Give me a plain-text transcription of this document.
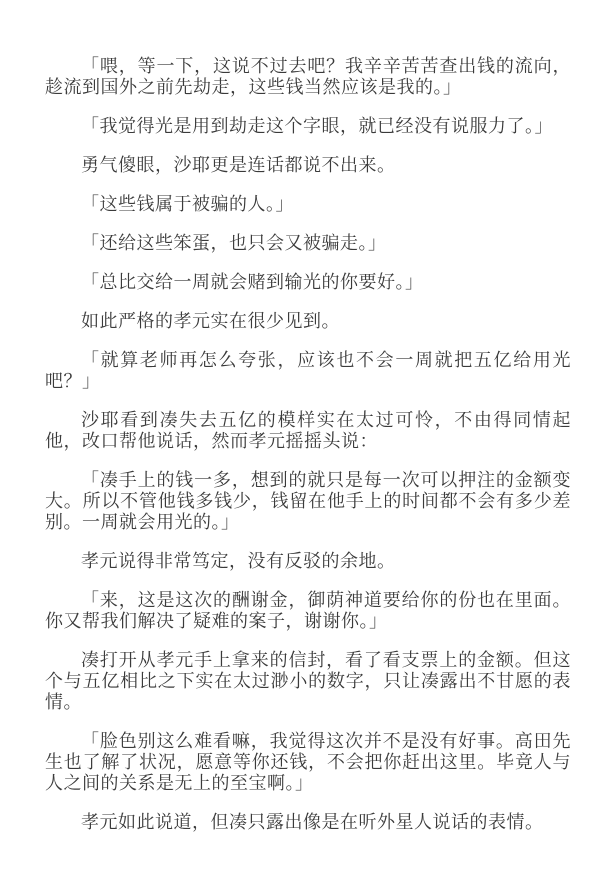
「喂，等一下，这说不过去吧？我辛辛苦苦查出钱的流向，趁流到国外之前先劫走，这些钱当然应该是我的。」

「我觉得光是用到劫走这个字眼，就已经没有说服力了。」

勇气傻眼，沙耶更是连话都说不出来。

「这些钱属于被骗的人。」

「还给这些笨蛋，也只会又被骗走。」

「总比交给一周就会赌到输光的你要好。」

如此严格的孝元实在很少见到。

「就算老师再怎么夸张，应该也不会一周就把五亿给用光吧？」

沙耶看到凑失去五亿的模样实在太过可怜，不由得同情起他，改口帮他说话，然而孝元摇摇头说：

「凑手上的钱一多，想到的就只是每一次可以押注的金额变大。所以不管他钱多钱少，钱留在他手上的时间都不会有多少差别。一周就会用光的。」

孝元说得非常笃定，没有反驳的余地。

「来，这是这次的酬谢金，御荫神道要给你的份也在里面。你又帮我们解决了疑难的案子，谢谢你。」

凑打开从孝元手上拿来的信封，看了看支票上的金额。但这个与五亿相比之下实在太过渺小的数字，只让凑露出不甘愿的表情。

「脸色别这么难看嘛，我觉得这次并不是没有好事。高田先生也了解了状况，愿意等你还钱，不会把你赶出这里。毕竟人与人之间的关系是无上的至宝啊。」

孝元如此说道，但凑只露出像是在听外星人说话的表情。
